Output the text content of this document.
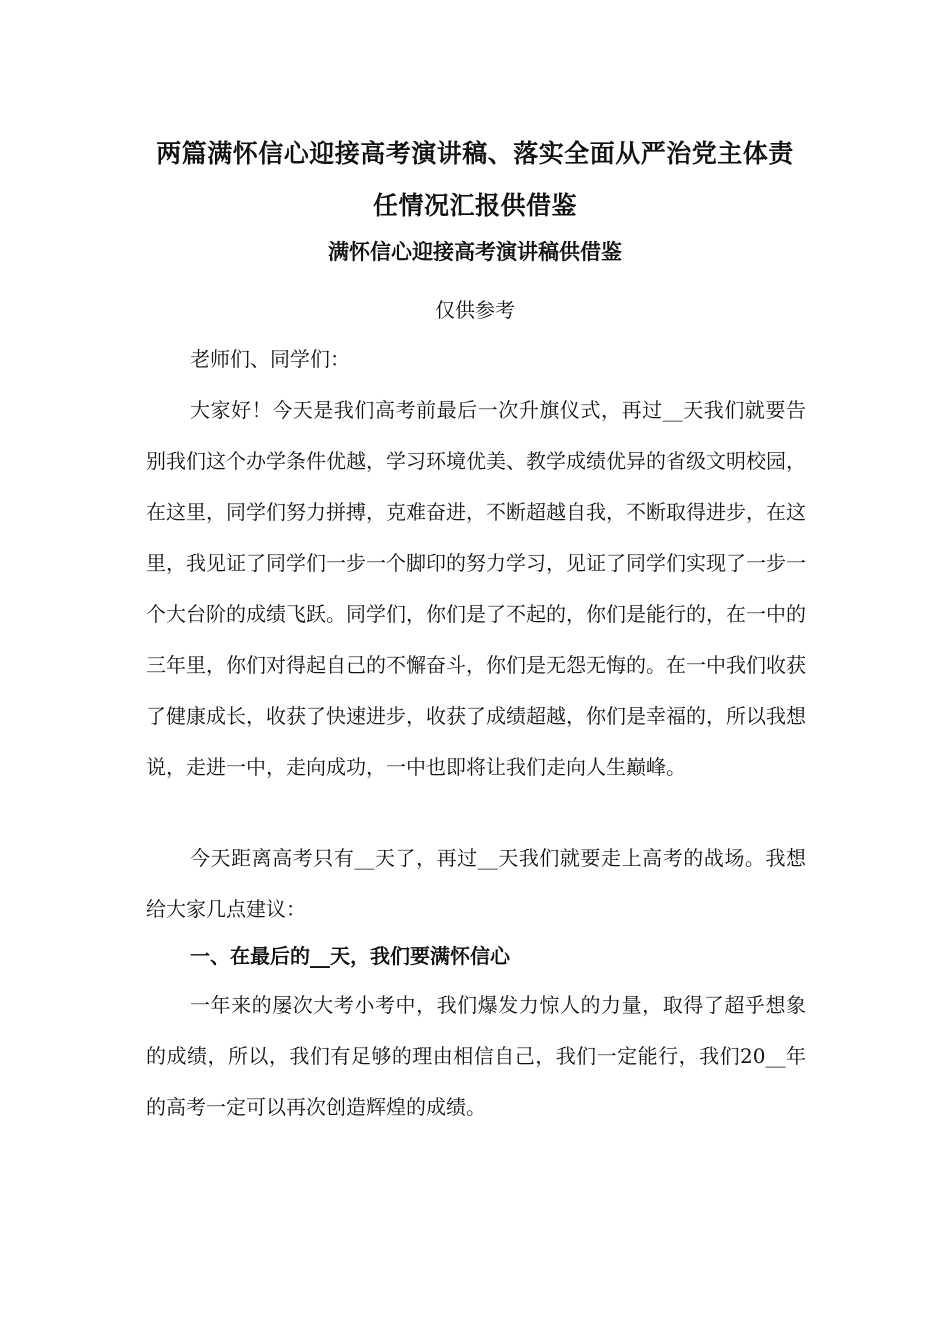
两篇满怀信心迎接高考演讲稿、落实全面从严治党主体责
任情况汇报供借鉴
满怀信心迎接高考演讲稿供借鉴

仅供参考

老师们、同学们：

大家好！今天是我们高考前最后一次升旗仪式，再过__天我们就要告别我们这个办学条件优越，学习环境优美、教学成绩优异的省级文明校园，在这里，同学们努力拼搏，克难奋进，不断超越自我，不断取得进步，在这里，我见证了同学们一步一个脚印的努力学习，见证了同学们实现了一步一个大台阶的成绩飞跃。同学们，你们是了不起的，你们是能行的，在一中的三年里，你们对得起自己的不懈奋斗，你们是无怨无悔的。在一中我们收获了健康成长，收获了快速进步，收获了成绩超越，你们是幸福的，所以我想说，走进一中，走向成功，一中也即将让我们走向人生巅峰。

今天距离高考只有__天了，再过__天我们就要走上高考的战场。我想给大家几点建议：

一、在最后的__天，我们要满怀信心

一年来的屡次大考小考中，我们爆发力惊人的力量，取得了超乎想象的成绩，所以，我们有足够的理由相信自己，我们一定能行，我们20__年的高考一定可以再次创造辉煌的成绩。
